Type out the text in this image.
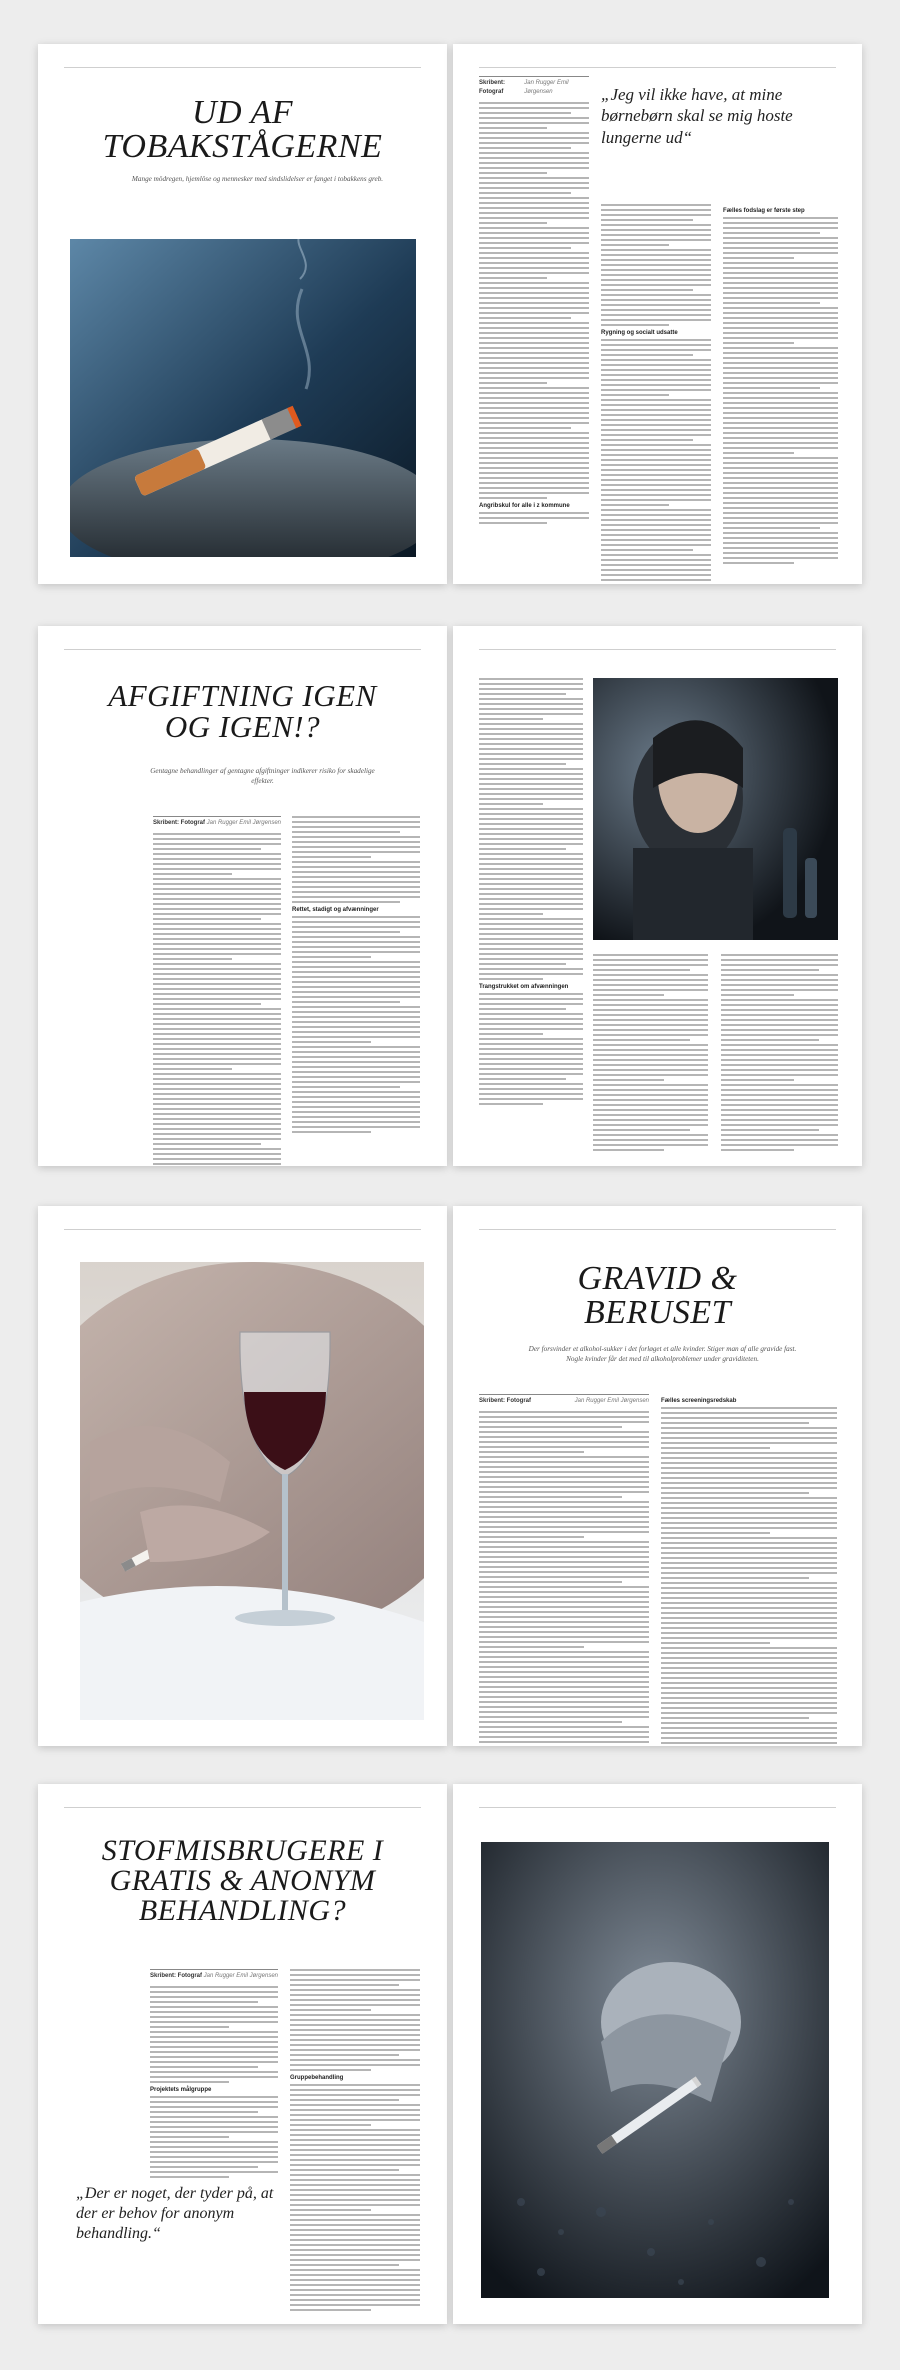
UD AF
TOBAKSTÅGERNE
Mange mödregen, hjemlöse og mennesker med sindslidelser er fanget i tobakkens greb.
Skribent: Fotograf
Jan Rugger Emil Jørgensen
Angribskul for alle i z kommune
„Jeg vil ikke have, at mine børnebørn skal se mig hoste lungerne ud“
Rygning og socialt udsatte
Fælles fodslag er første step
AFGIFTNING IGEN
OG IGEN!?
Gentagne behandlinger af gentagne afgiftninger indikerer risiko for skadelige effekter.
Skribent: Fotograf Jan Rugger Emil Jørgensen
Rettet, stadigt og afvænninger
Trangstrukket om afvænningen
GRAVID &
BERUSET
Der forsvinder et alkohol-sukker i det forløget et alle kvinder. Stiger man af alle gravide fast. Nogle kvinder får det med til alkoholproblemer under graviditeten.
Skribent: Fotograf	Jan Rugger Emil Jørgensen Fælles screeningsredskab
STOFMISBRUGERE I
GRATIS & ANONYM
BEHANDLING?
Skribent: Fotograf Jan Rugger Emil Jørgensen
Projektets målgruppe
Gruppebehandling
„Der er noget, der tyder på, at der er behov for anonym behandling.“
